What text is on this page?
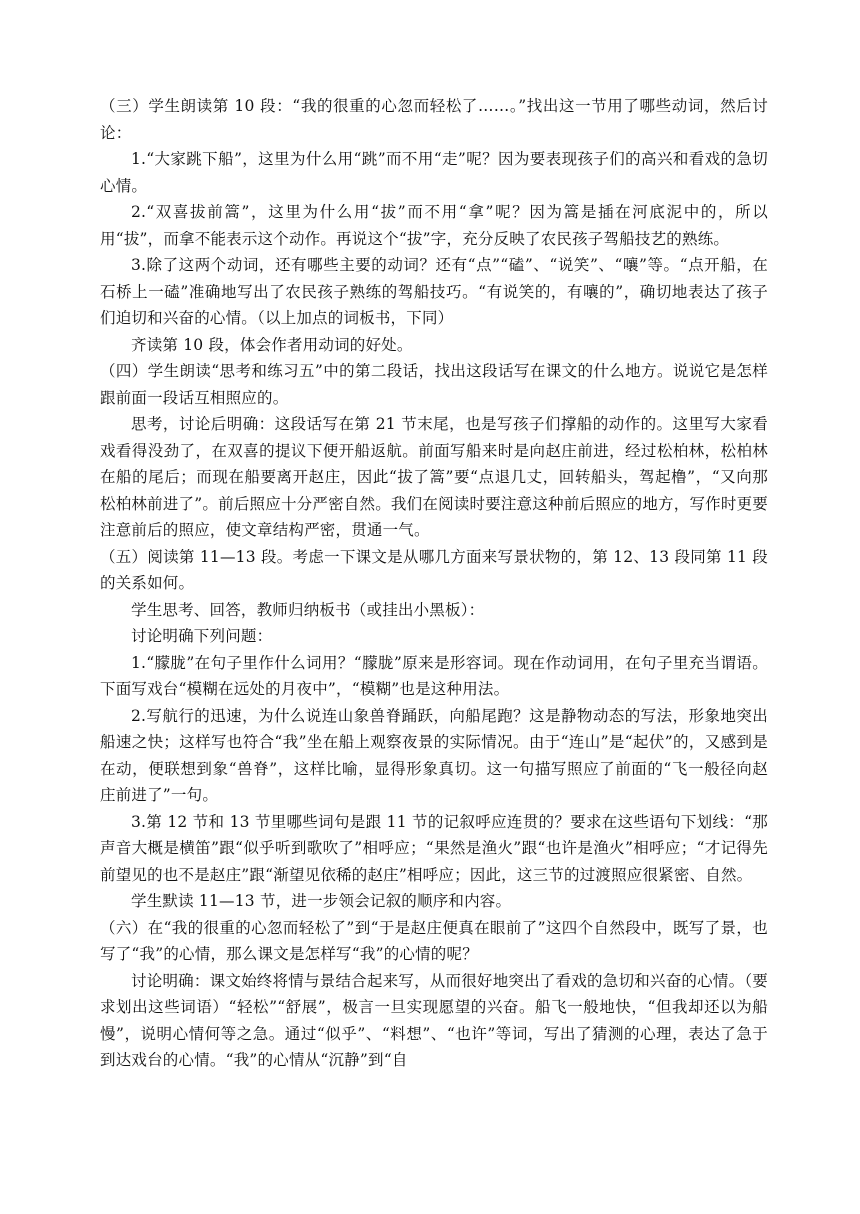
（三）学生朗读第 10 段：“我的很重的心忽而轻松了……。”找出这一节用了哪些动词，然后讨论：

1.“大家跳下船”，这里为什么用“跳”而不用“走”呢？因为要表现孩子们的高兴和看戏的急切心情。

2.“双喜拔前篙”，这里为什么用“拔”而不用“拿”呢？因为篙是插在河底泥中的，所以用“拔”，而拿不能表示这个动作。再说这个“拔”字，充分反映了农民孩子驾船技艺的熟练。

3.除了这两个动词，还有哪些主要的动词？还有“点”“磕”、“说笑”、“嚷”等。“点开船，在石桥上一磕”准确地写出了农民孩子熟练的驾船技巧。“有说笑的，有嚷的”，确切地表达了孩子们迫切和兴奋的心情。（以上加点的词板书，下同）

齐读第 10 段，体会作者用动词的好处。

（四）学生朗读“思考和练习五”中的第二段话，找出这段话写在课文的什么地方。说说它是怎样跟前面一段话互相照应的。

思考，讨论后明确：这段话写在第 21 节末尾，也是写孩子们撑船的动作的。这里写大家看戏看得没劲了，在双喜的提议下便开船返航。前面写船来时是向赵庄前进，经过松柏林，松柏林在船的尾后；而现在船要离开赵庄，因此“拔了篙”要“点退几丈，回转船头，驾起橹”，“又向那松柏林前进了”。前后照应十分严密自然。我们在阅读时要注意这种前后照应的地方，写作时更要注意前后的照应，使文章结构严密，贯通一气。

（五）阅读第 11—13 段。考虑一下课文是从哪几方面来写景状物的，第 12、13 段同第 11 段的关系如何。

学生思考、回答，教师归纳板书（或挂出小黑板）：

讨论明确下列问题：

1.“朦胧”在句子里作什么词用？“朦胧”原来是形容词。现在作动词用，在句子里充当谓语。下面写戏台“模糊在远处的月夜中”，“模糊”也是这种用法。

2.写航行的迅速，为什么说连山象兽脊踊跃，向船尾跑？这是静物动态的写法，形象地突出船速之快；这样写也符合“我”坐在船上观察夜景的实际情况。由于“连山”是“起伏”的，又感到是在动，便联想到象“兽脊”，这样比喻，显得形象真切。这一句描写照应了前面的“飞一般径向赵庄前进了”一句。

3.第 12 节和 13 节里哪些词句是跟 11 节的记叙呼应连贯的？要求在这些语句下划线：“那声音大概是横笛”跟“似乎听到歌吹了”相呼应；“果然是渔火”跟“也许是渔火”相呼应；“才记得先前望见的也不是赵庄”跟“渐望见依稀的赵庄”相呼应；因此，这三节的过渡照应很紧密、自然。

学生默读 11—13 节，进一步领会记叙的顺序和内容。

（六）在“我的很重的心忽而轻松了”到“于是赵庄便真在眼前了”这四个自然段中，既写了景，也写了“我”的心情，那么课文是怎样写“我”的心情的呢？

讨论明确：课文始终将情与景结合起来写，从而很好地突出了看戏的急切和兴奋的心情。（要求划出这些词语）“轻松”“舒展”，极言一旦实现愿望的兴奋。船飞一般地快，“但我却还以为船慢”，说明心情何等之急。通过“似乎”、“料想”、“也许”等词，写出了猜测的心理，表达了急于到达戏台的心情。“我”的心情从“沉静”到“自
